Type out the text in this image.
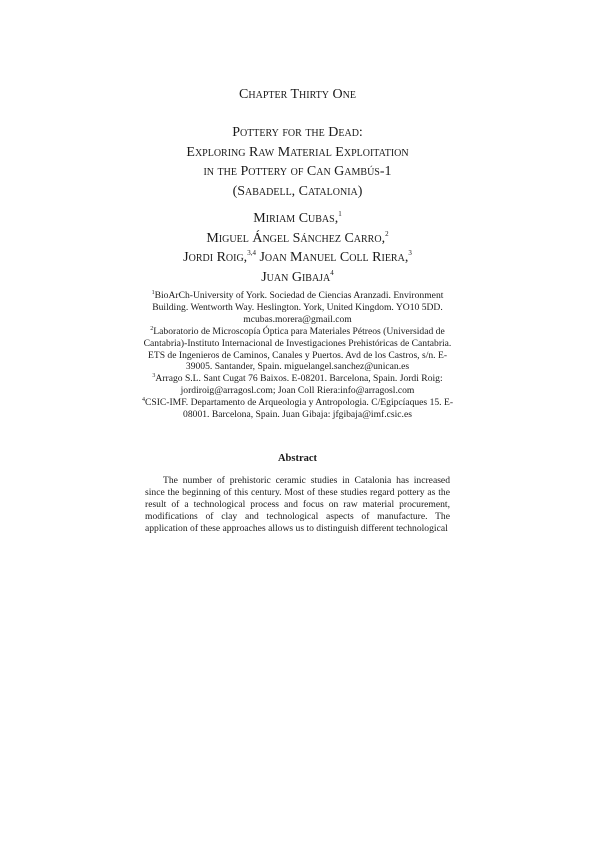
Chapter Thirty One
Pottery for the Dead:
Exploring Raw Material Exploitation
in the Pottery of Can Gambús-1
(Sabadell, Catalonia)
Miriam Cubas,$^1$
Miguel Ángel Sánchez Carro,$^2$
Jordi Roig,$^{3,4}$ Joan Manuel Coll Riera,$^3$
Juan Gibaja$^4$
$^1$BioArCh-University of York. Sociedad de Ciencias Aranzadi. Environment Building. Wentworth Way. Heslington. York, United Kingdom. YO10 5DD. mcubas.morera@gmail.com
$^2$Laboratorio de Microscopía Óptica para Materiales Pétreos (Universidad de Cantabria)-Instituto Internacional de Investigaciones Prehistóricas de Cantabria. ETS de Ingenieros de Caminos, Canales y Puertos. Avd de los Castros, s/n. E-39005. Santander, Spain. miguelangel.sanchez@unican.es
$^3$Arrago S.L. Sant Cugat 76 Baixos. E-08201. Barcelona, Spain. Jordi Roig: jordiroig@arragosl.com; Joan Coll Riera:info@arragosl.com
$^4$CSIC-IMF. Departamento de Arqueologia y Antropologia. C/Egipcíaques 15. E-08001. Barcelona, Spain. Juan Gibaja: jfgibaja@imf.csic.es
Abstract
The number of prehistoric ceramic studies in Catalonia has increased since the beginning of this century. Most of these studies regard pottery as the result of a technological process and focus on raw material procurement, modifications of clay and technological aspects of manufacture. The application of these approaches allows us to distinguish different technological
